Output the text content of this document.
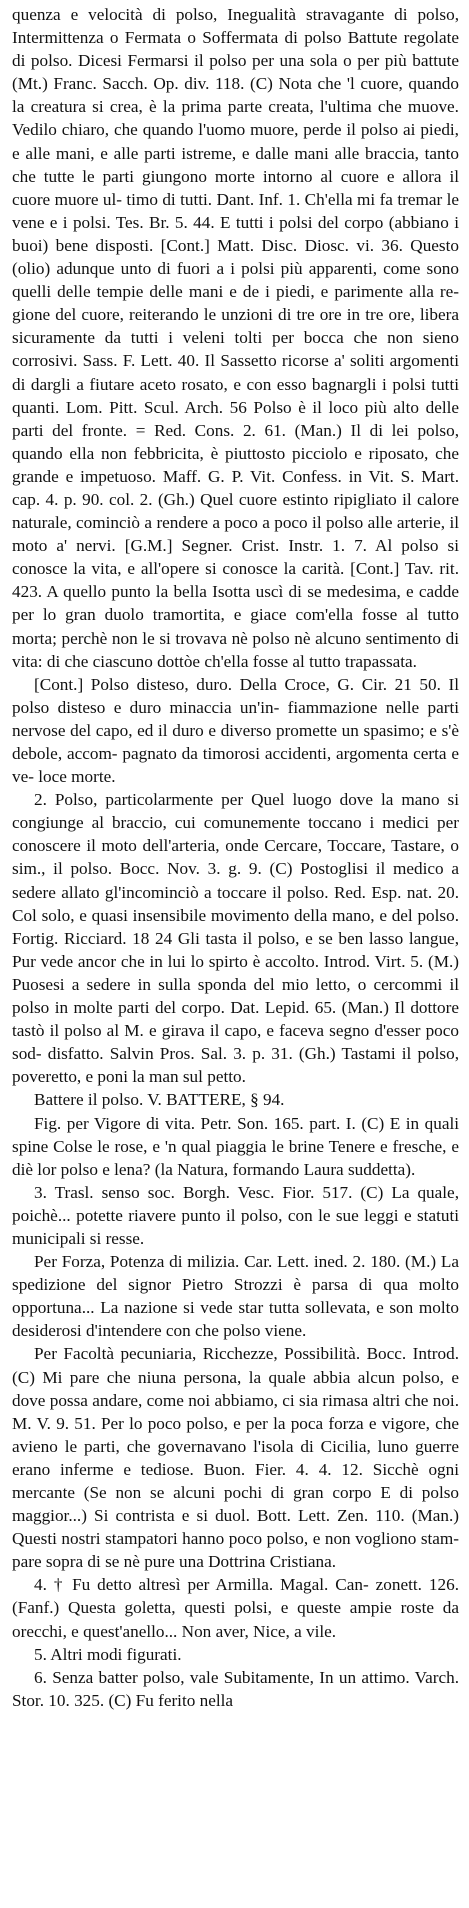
quenza e velocità di polso, Inegualità stravagante di polso, Intermittenza o Fermata o Soffermata di polso Battute regolate di polso. Dicesi Fermarsi il polso per una sola o per più battute (Mt.) Franc. Sacch. Op. div. 118. (C) Nota che 'l cuore, quando la creatura si crea, è la prima parte creata, l'ultima che muove. Vedilo chiaro, che quando l'uomo muore, perde il polso ai piedi, e alle mani, e alle parti istreme, e dalle mani alle braccia, tanto che tutte le parti giungono morte intorno al cuore e allora il cuore muore ul- timo di tutti. Dant. Inf. 1. Ch'ella mi fa tremar le vene e i polsi. Tes. Br. 5. 44. E tutti i polsi del corpo (abbiano i buoi) bene disposti. [Cont.] Matt. Disc. Diosc. vi. 36. Questo (olio) adunque unto di fuori a i polsi più apparenti, come sono quelli delle tempie delle mani e de i piedi, e parimente alla re- gione del cuore, reiterando le unzioni di tre ore in tre ore, libera sicuramente da tutti i veleni tolti per bocca che non sieno corrosivi. Sass. F. Lett. 40. Il Sassetto ricorse a' soliti argomenti di dargli a fiutare aceto rosato, e con esso bagnargli i polsi tutti quanti. Lom. Pitt. Scul. Arch. 56 Polso è il loco più alto delle parti del fronte. = Red. Cons. 2. 61. (Man.) Il di lei polso, quando ella non febbricita, è piuttosto picciolo e riposato, che grande e impetuoso. Maff. G. P. Vit. Confess. in Vit. S. Mart. cap. 4. p. 90. col. 2. (Gh.) Quel cuore estinto ripigliato il calore naturale, cominciò a rendere a poco a poco il polso alle arterie, il moto a' nervi. [G.M.] Segner. Crist. Instr. 1. 7. Al polso si conosce la vita, e all'opere si conosce la carità. [Cont.] Tav. rit. 423. A quello punto la bella Isotta uscì di se medesima, e cadde per lo gran duolo tramortita, e giace com'ella fosse al tutto morta; perchè non le si trovava nè polso nè alcuno sentimento di vita: di che ciascuno dottòe ch'ella fosse al tutto trapassata.

[Cont.] Polso disteso, duro. Della Croce, G. Cir. 21 50. Il polso disteso e duro minaccia un'in- fiammazione nelle parti nervose del capo, ed il duro e diverso promette un spasimo; e s'è debole, accom- pagnato da timorosi accidenti, argomenta certa e ve- loce morte.

2. Polso, particolarmente per Quel luogo dove la mano si congiunge al braccio, cui comunemente toccano i medici per conoscere il moto dell'arteria, onde Cercare, Toccare, Tastare, o sim., il polso. Bocc. Nov. 3. g. 9. (C) Postoglisi il medico a sedere allato gl'incominciò a toccare il polso. Red. Esp. nat. 20. Col solo, e quasi insensibile movimento della mano, e del polso. Fortig. Ricciard. 18 24 Gli tasta il polso, e se ben lasso langue, Pur vede ancor che in lui lo spirto è accolto. Introd. Virt. 5. (M.) Puosesi a sedere in sulla sponda del mio letto, o cercommi il polso in molte parti del corpo. Dat. Lepid. 65. (Man.) Il dottore tastò il polso al M. e girava il capo, e faceva segno d'esser poco sod- disfatto. Salvin Pros. Sal. 3. p. 31. (Gh.) Tastami il polso, poveretto, e poni la man sul petto.

Battere il polso. V. BATTERE, § 94.

Fig. per Vigore di vita. Petr. Son. 165. part. I. (C) E in quali spine Colse le rose, e 'n qual piaggia le brine Tenere e fresche, e diè lor polso e lena? (la Natura, formando Laura suddetta).

3. Trasl. senso soc. Borgh. Vesc. Fior. 517. (C) La quale, poichè... potette riavere punto il polso, con le sue leggi e statuti municipali si resse.

Per Forza, Potenza di milizia. Car. Lett. ined. 2. 180. (M.) La spedizione del signor Pietro Strozzi è parsa di qua molto opportuna... La nazione si vede star tutta sollevata, e son molto desiderosi d'intendere con che polso viene.

Per Facoltà pecuniaria, Ricchezze, Possibilità. Bocc. Introd. (C) Mi pare che niuna persona, la quale abbia alcun polso, e dove possa andare, come noi abbiamo, ci sia rimasa altri che noi. M. V. 9. 51. Per lo poco polso, e per la poca forza e vigore, che avieno le parti, che governavano l'isola di Cicilia, luno guerre erano inferme e tediose. Buon. Fier. 4. 4. 12. Sicchè ogni mercante (Se non se alcuni pochi di gran corpo E di polso maggior...) Si contrista e si duol. Bott. Lett. Zen. 110. (Man.) Questi nostri stampatori hanno poco polso, e non vogliono stam- pare sopra di se nè pure una Dottrina Cristiana.

4. † Fu detto altresì per Armilla. Magal. Can- zonett. 126. (Fanf.) Questa goletta, questi polsi, e queste ampie roste da orecchi, e quest'anello... Non aver, Nice, a vile.

5. Altri modi figurati.

6. Senza batter polso, vale Subitamente, In un attimo. Varch. Stor. 10. 325. (C) Fu ferito nella
